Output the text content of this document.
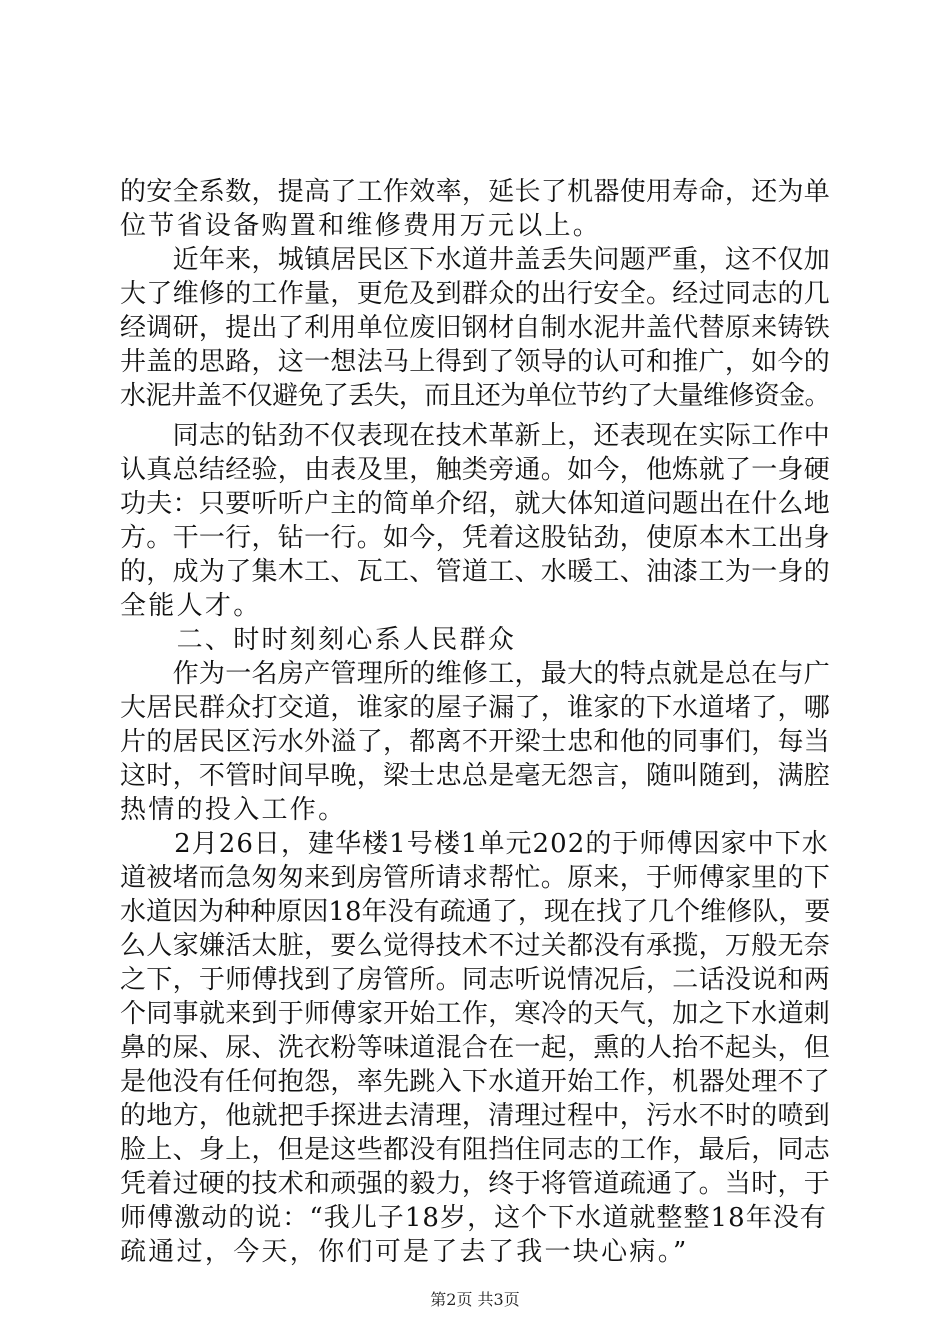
的安全系数，提高了工作效率，延长了机器使用寿命，还为单
位节省设备购置和维修费用万元以上。
　　近年来，城镇居民区下水道井盖丢失问题严重，这不仅加
大了维修的工作量，更危及到群众的出行安全。经过同志的几
经调研，提出了利用单位废旧钢材自制水泥井盖代替原来铸铁
井盖的思路，这一想法马上得到了领导的认可和推广，如今的
水泥井盖不仅避免了丢失，而且还为单位节约了大量维修资金。
　　同志的钻劲不仅表现在技术革新上，还表现在实际工作中
认真总结经验，由表及里，触类旁通。如今，他炼就了一身硬
功夫：只要听听户主的简单介绍，就大体知道问题出在什么地
方。干一行，钻一行。如今，凭着这股钻劲，使原本木工出身
的，成为了集木工、瓦工、管道工、水暖工、油漆工为一身的
全能人才。
　　二、时时刻刻心系人民群众
　　作为一名房产管理所的维修工，最大的特点就是总在与广
大居民群众打交道，谁家的屋子漏了，谁家的下水道堵了，哪
片的居民区污水外溢了，都离不开梁士忠和他的同事们，每当
这时，不管时间早晚，梁士忠总是毫无怨言，随叫随到，满腔
热情的投入工作。
　　2月26日，建华楼1号楼1单元202的于师傅因家中下水
道被堵而急匆匆来到房管所请求帮忙。原来，于师傅家里的下
水道因为种种原因18年没有疏通了，现在找了几个维修队，要
么人家嫌活太脏，要么觉得技术不过关都没有承揽，万般无奈
之下，于师傅找到了房管所。同志听说情况后，二话没说和两
个同事就来到于师傅家开始工作，寒冷的天气，加之下水道刺
鼻的屎、尿、洗衣粉等味道混合在一起，熏的人抬不起头，但
是他没有任何抱怨，率先跳入下水道开始工作，机器处理不了
的地方，他就把手探进去清理，清理过程中，污水不时的喷到
脸上、身上，但是这些都没有阻挡住同志的工作，最后，同志
凭着过硬的技术和顽强的毅力，终于将管道疏通了。当时，于
师傅激动的说：“我儿子18岁，这个下水道就整整18年没有
疏通过，今天，你们可是了去了我一块心病。”
第2页 共3页
